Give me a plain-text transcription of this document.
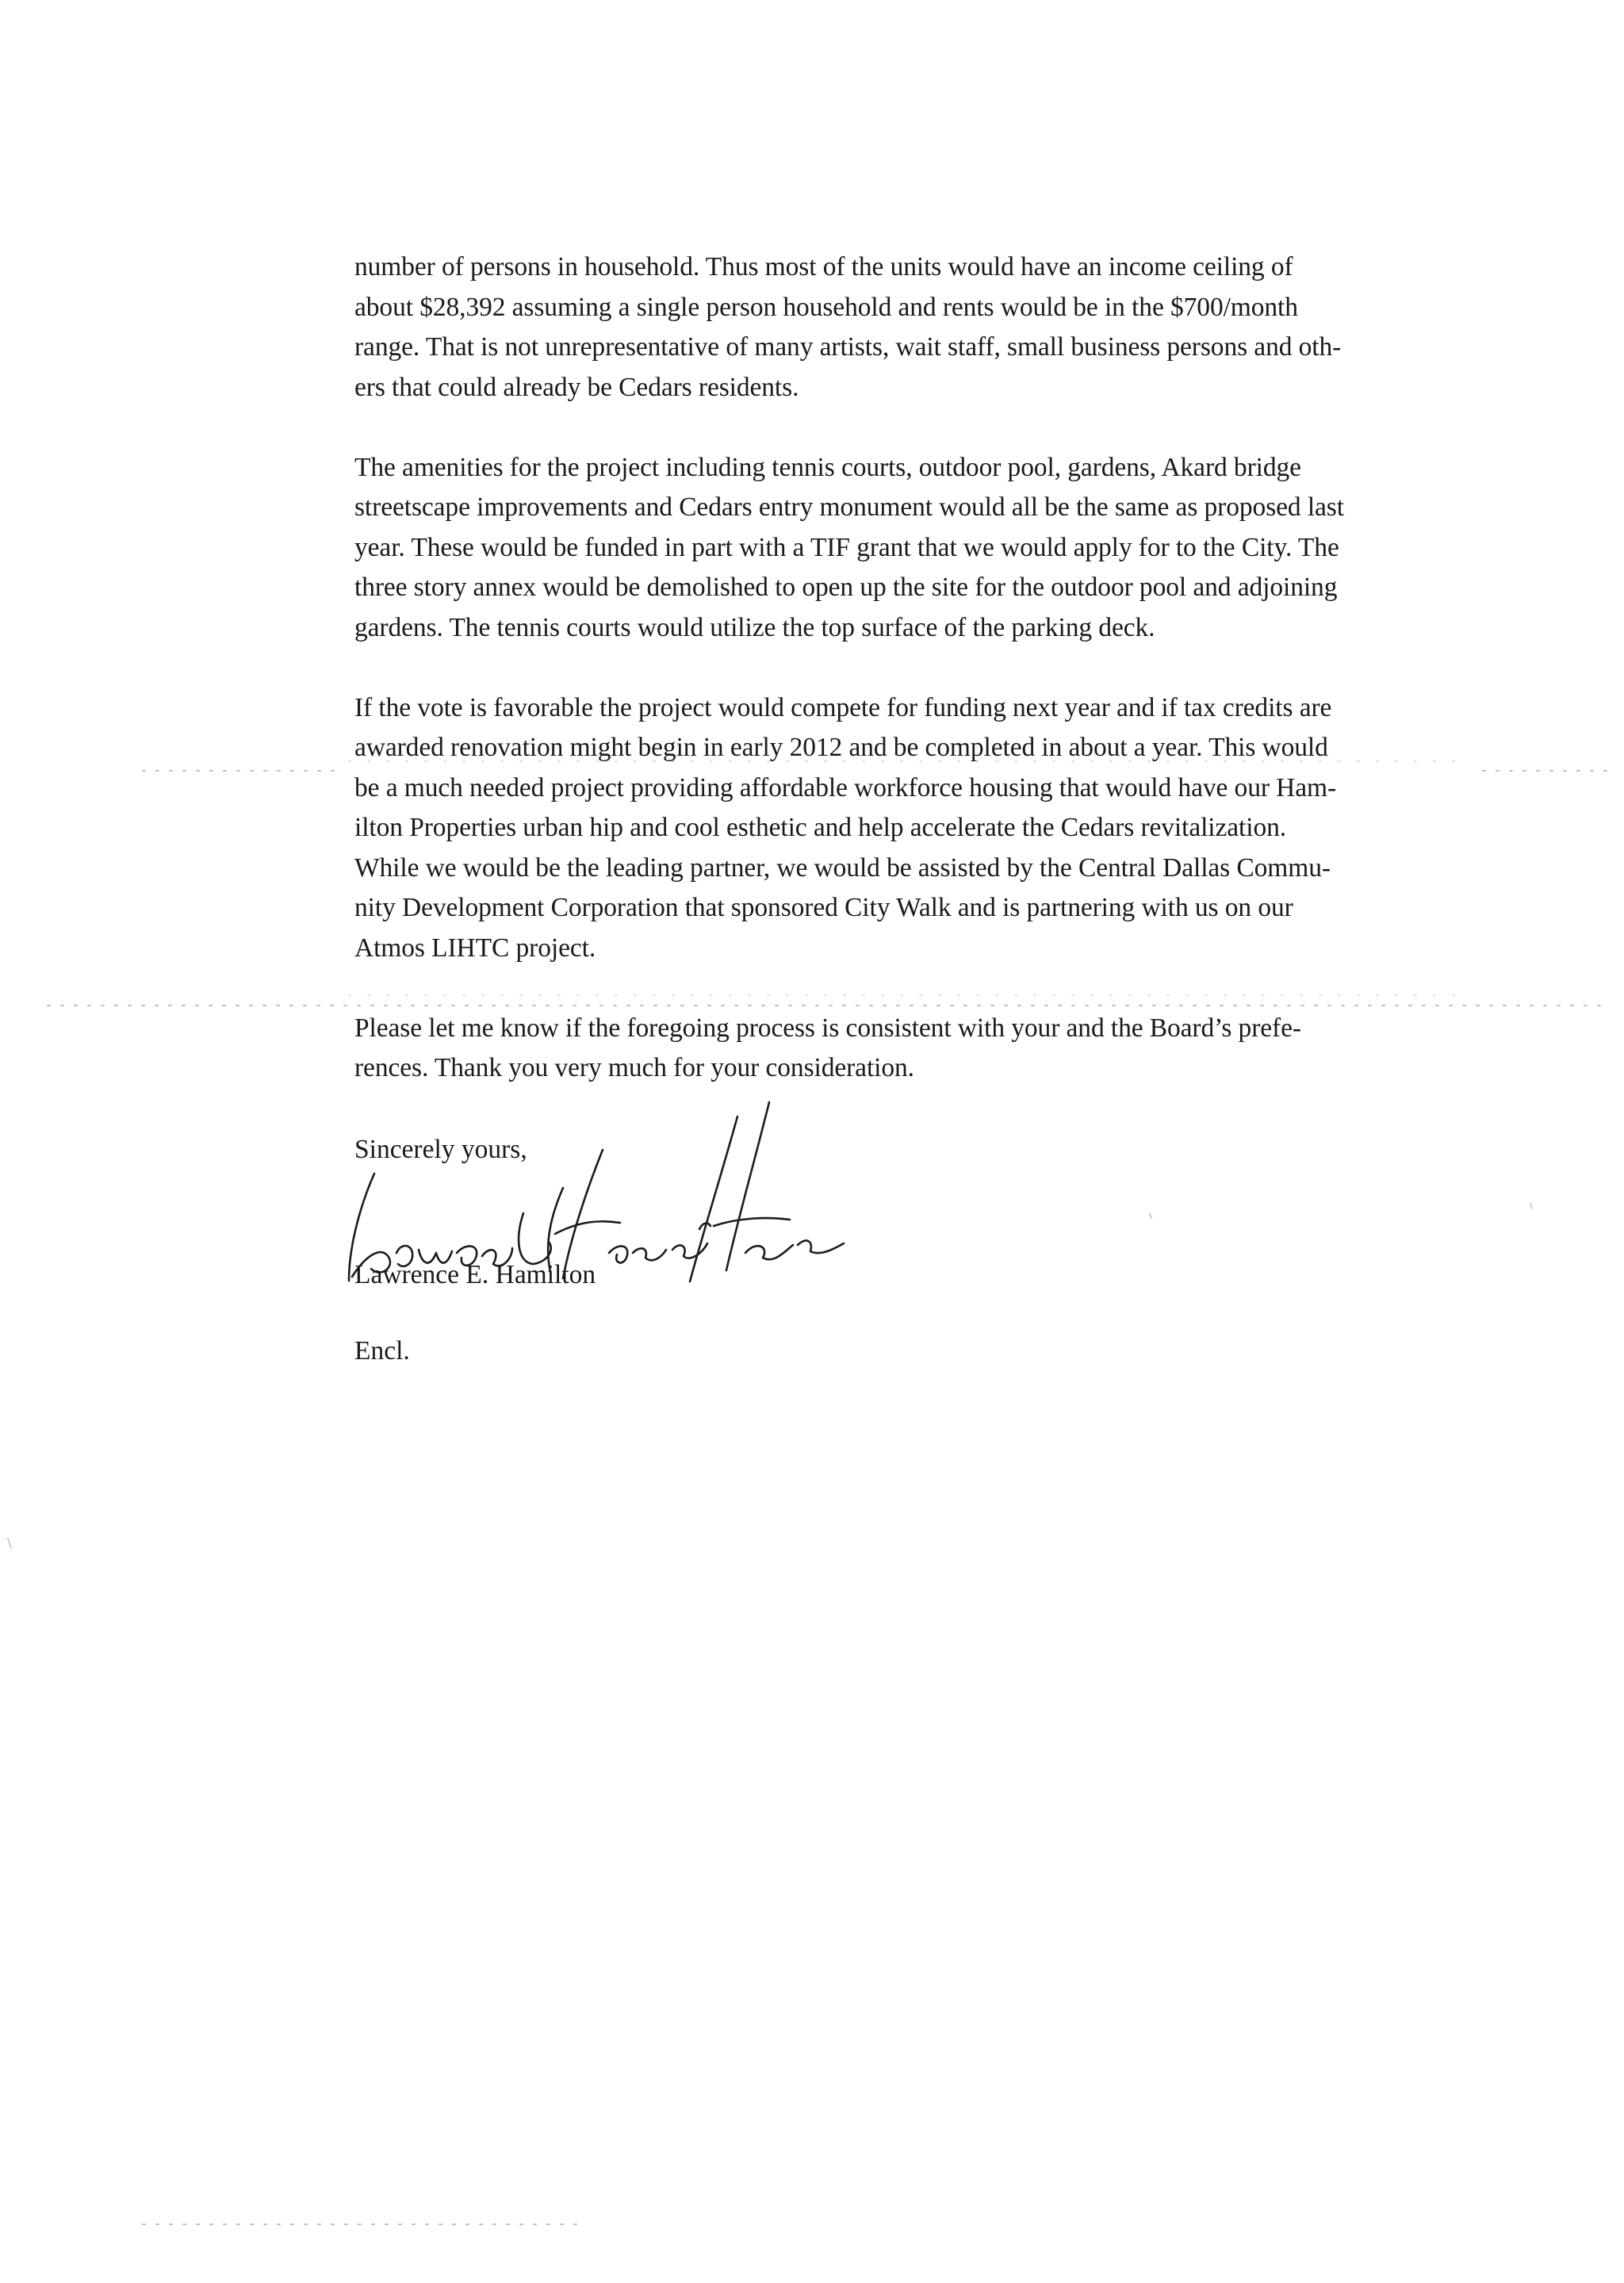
number of persons in household. Thus most of the units would have an income ceiling of
about $28,392 assuming a single person household and rents would be in the $700/month
range. That is not unrepresentative of many artists, wait staff, small business persons and oth-
ers that could already be Cedars residents.

The amenities for the project including tennis courts, outdoor pool, gardens, Akard bridge
streetscape improvements and Cedars entry monument would all be the same as proposed last
year. These would be funded in part with a TIF grant that we would apply for to the City. The
three story annex would be demolished to open up the site for the outdoor pool and adjoining
gardens. The tennis courts would utilize the top surface of the parking deck.

If the vote is favorable the project would compete for funding next year and if tax credits are
awarded renovation might begin in early 2012 and be completed in about a year. This would
be a much needed project providing affordable workforce housing that would have our Ham-
ilton Properties urban hip and cool esthetic and help accelerate the Cedars revitalization.
While we would be the leading partner, we would be assisted by the Central Dallas Commu-
nity Development Corporation that sponsored City Walk and is partnering with us on our
Atmos LIHTC project.

Please let me know if the foregoing process is consistent with your and the Board’s prefe-
rences. Thank you very much for your consideration.

Sincerely yours,
Lawrence E. Hamilton
Encl.
